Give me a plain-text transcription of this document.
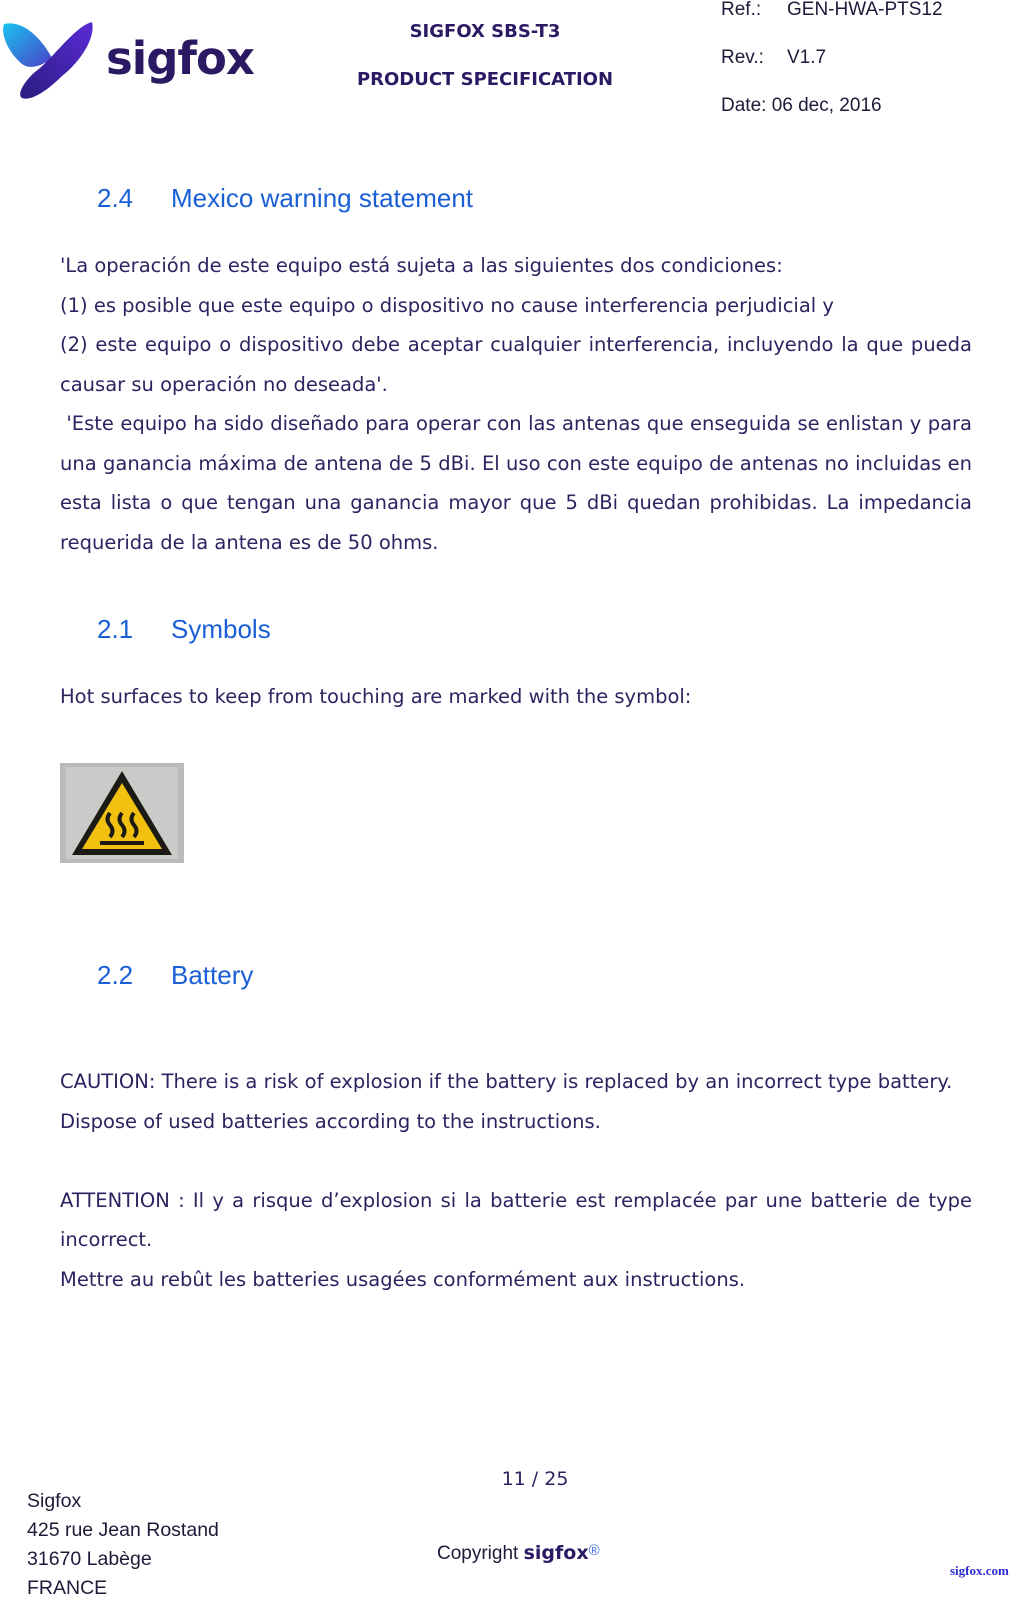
sigfox
SIGFOX SBS-T3
PRODUCT SPECIFICATION
Ref.: GEN-HWA-PTS12
Rev.: V1.7
Date: 06 dec, 2016
2.4 Mexico warning statement

'La operación de este equipo está sujeta a las siguientes dos condiciones:

(1) es posible que este equipo o dispositivo no cause interferencia perjudicial y

(2) este equipo o dispositivo debe aceptar cualquier interferencia, incluyendo la que pueda causar su operación no deseada'.

'Este equipo ha sido diseñado para operar con las antenas que enseguida se enlistan y para una ganancia máxima de antena de 5 dBi. El uso con este equipo de antenas no incluidas en esta lista o que tengan una ganancia mayor que 5 dBi quedan prohibidas. La impedancia requerida de la antena es de 50 ohms.

2.1 Symbols

Hot surfaces to keep from touching are marked with the symbol:

2.2 Battery

CAUTION: There is a risk of explosion if the battery is replaced by an incorrect type battery.

Dispose of used batteries according to the instructions.

ATTENTION : Il y a risque d’explosion si la batterie est remplacée par une batterie de type incorrect.

Mettre au rebût les batteries usagées conformément aux instructions.

Sigfox
425 rue Jean Rostand
31670 Labège
FRANCE
11 / 25
Copyright sigfox®
sigfox.com
